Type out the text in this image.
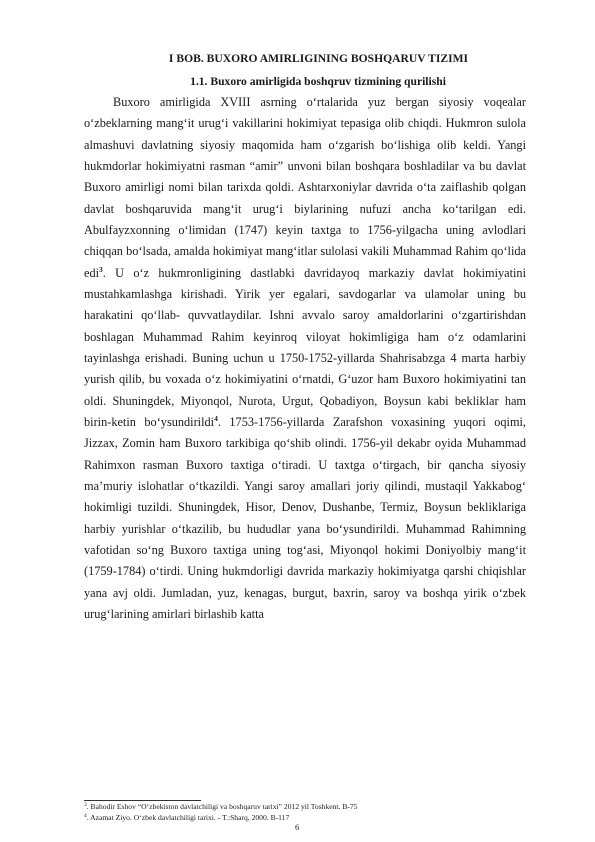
I BOB. BUXORO AMIRLIGINING BOSHQARUV TIZIMI
1.1. Buxoro amirligida boshqruv tizmining qurilishi

Buxoro amirligida XVIII asrning o‘rtalarida yuz bergan siyosiy voqealar o‘zbeklarning mang‘it urug‘i vakillarini hokimiyat tepasiga olib chiqdi. Hukmron sulola almashuvi davlatning siyosiy maqomida ham o‘zgarish bo‘lishiga olib keldi. Yangi hukmdorlar hokimiyatni rasman “amir” unvoni bilan boshqara boshladilar va bu davlat Buxoro amirligi nomi bilan tarixda qoldi. Ashtarxoniylar davrida o‘ta zaiflashib qolgan davlat boshqaruvida mang‘it urug‘i biylarining nufuzi ancha ko‘tarilgan edi. Abulfayzxonning o‘limidan (1747) keyin taxtga to 1756-yilgacha uning avlodlari chiqqan bo‘lsada, amalda hokimiyat mang‘itlar sulolasi vakili Muhammad Rahim qo‘lida edi$^3$. U o‘z hukmronligining dastlabki davridayoq markaziy davlat hokimiyatini mustahkamlashga kirishadi. Yirik yer egalari, savdogarlar va ulamolar uning bu harakatini qo‘llab- quvvatlaydilar. Ishni avvalo saroy amaldorlarini o‘zgartirishdan boshlagan Muhammad Rahim keyinroq viloyat hokimligiga ham o‘z odamlarini tayinlashga erishadi. Buning uchun u 1750-1752-yillarda Shahrisabzga 4 marta harbiy yurish qilib, bu voxada o‘z hokimiyatini o‘rnatdi, G‘uzor ham Buxoro hokimiyatini tan oldi. Shuningdek, Miyonqol, Nurota, Urgut, Qobadiyon, Boysun kabi bekliklar ham birin-ketin bo‘ysundirildi$^4$. 1753-1756-yillarda Zarafshon voxasining yuqori oqimi, Jizzax, Zomin ham Buxoro tarkibiga qo‘shib olindi. 1756-yil dekabr oyida Muhammad Rahimxon rasman Buxoro taxtiga o‘tiradi. U taxtga o‘tirgach, bir qancha siyosiy ma’muriy islohatlar o‘tkazildi. Yangi saroy amallari joriy qilindi, mustaqil Yakkabog‘ hokimligi tuzildi. Shuningdek, Hisor, Denov, Dushanbe, Termiz, Boysun bekliklariga harbiy yurishlar o‘tkazilib, bu hududlar yana bo‘ysundirildi. Muhammad Rahimning vafotidan so‘ng Buxoro taxtiga uning tog‘asi, Miyonqol hokimi Doniyolbiy mang‘it (1759-1784) o‘tirdi. Uning hukmdorligi davrida markaziy hokimiyatga qarshi chiqishlar yana avj oldi. Jumladan, yuz, kenagas, burgut, baxrin, saroy va boshqa yirik o‘zbek urug‘larining amirlari birlashib katta

$^3$. Bahodir Eshov “O‘zbekiston davlatchiligi va boshqaruv tarixi” 2012 yil Toshkent. B-75
$^4$. Azamat Ziyo. O‘zbek davlatchiligi tarixi. - T.:Sharq, 2000. B-117
6
